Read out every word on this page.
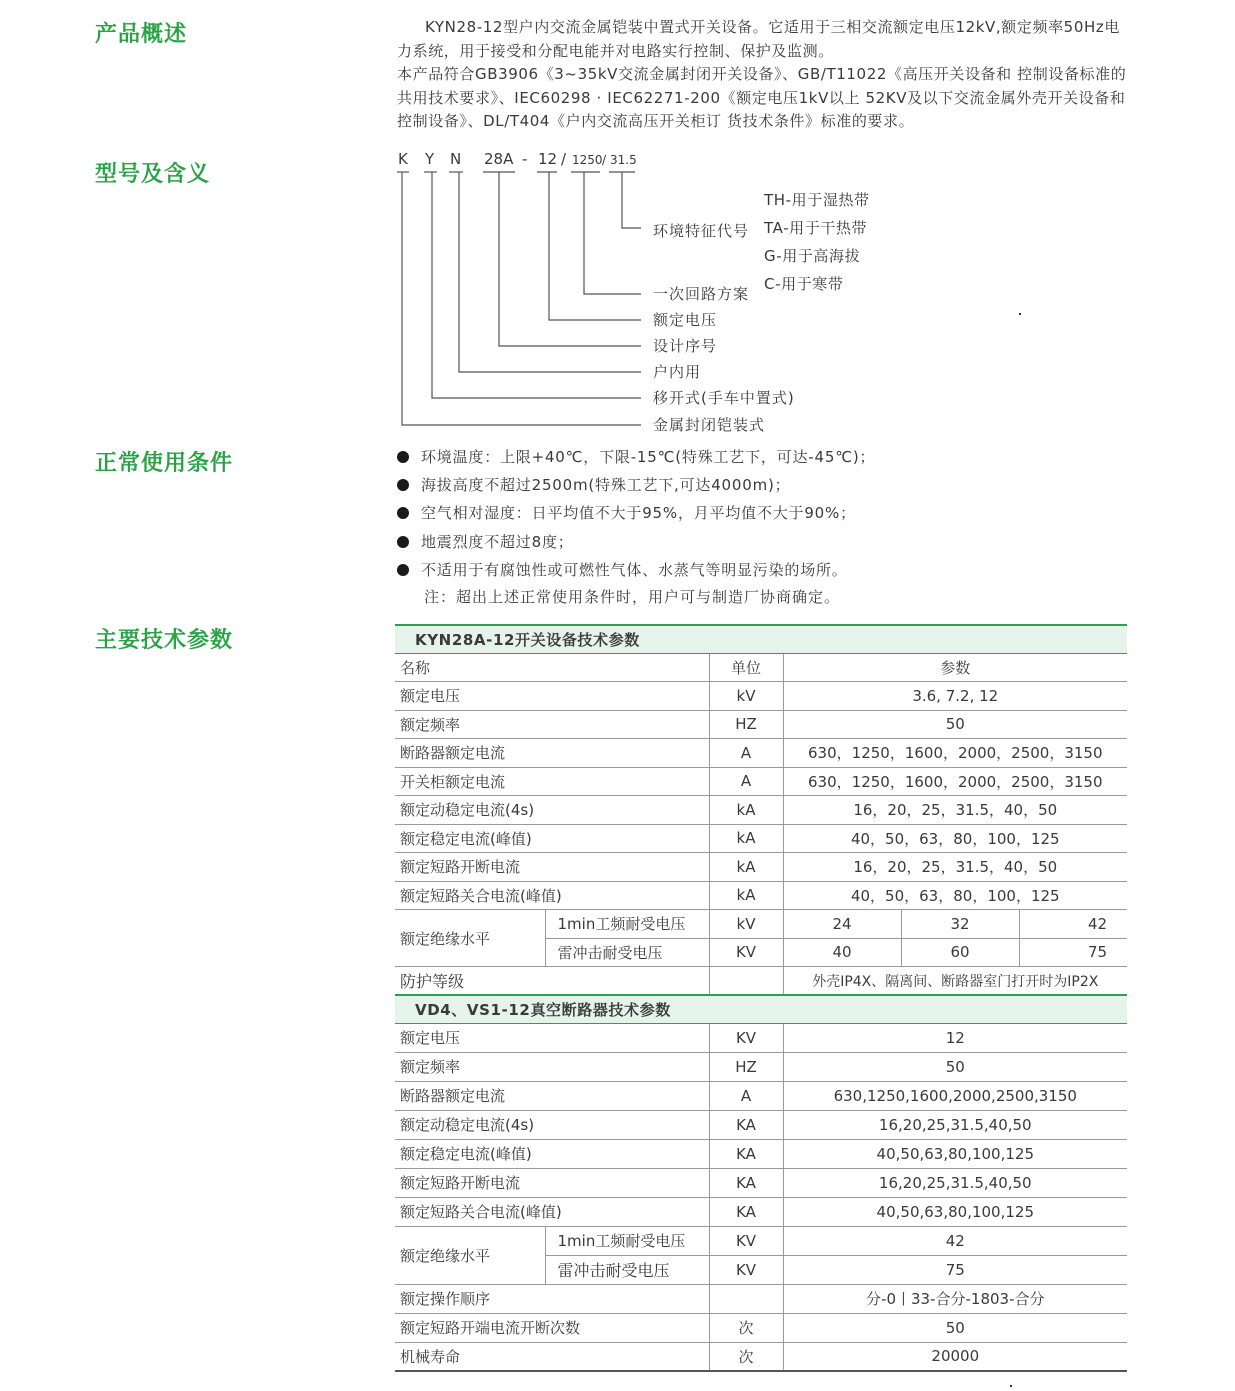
产品概述
型号及含义
正常使用条件
主要技术参数

KYN28-12型户内交流金属铠装中置式开关设备。它适用于三相交流额定电压12kV,额定频率50Hz电力系统，用于接受和分配电能并对电路实行控制、保护及监测。

本产品符合GB3906《3~35kV交流金属封闭开关设备》、GB/T11022《高压开关设备和 控制设备标准的共用技术要求》、IEC60298 · IEC62271-200《额定电压1kV以上 52KV及以下交流金属外壳开关设备和控制设备》、DL/T404《户内交流高压开关柜订 货技术条件》标准的要求。

K Y N 28A - 12 / 1250 / 31.5
环境特征代号
一次回路方案
额定电压
设计序号
户内用
移开式(手车中置式)
金属封闭铠装式
TH-用于湿热带
TA-用于干热带
G-用于高海拔
C-用于寒带
环境温度：上限+40℃，下限-15℃(特殊工艺下，可达-45℃)；
海拔高度不超过2500m(特殊工艺下,可达4000m)；
空气相对湿度：日平均值不大于95%，月平均值不大于90%；
地震烈度不超过8度；
不适用于有腐蚀性或可燃性气体、水蒸气等明显污染的场所。

注：超出上述正常使用条件时，用户可与制造厂协商确定。

KYN28A-12开关设备技术参数					
名称		单位	参数		
额定电压		kV	3.6, 7.2, 12		
额定频率		HZ	50		
断路器额定电流		A	630，1250，1600，2000，2500，3150		
开关柜额定电流		A	630，1250，1600，2000，2500，3150		
额定动稳定电流(4s)		kA	16，20，25，31.5，40，50		
额定稳定电流(峰值)		kA	40，50，63，80，100，125		
额定短路开断电流		kA	16，20，25，31.5，40，50		
额定短路关合电流(峰值)		kA	40，50，63，80，100，125		
额定绝缘水平	1min工频耐受电压	kV	24	32	42
	雷冲击耐受电压	KV	40	60	75
防护等级			外壳IP4X、隔离间、断路器室门打开时为IP2X		
VD4、VS1-12真空断路器技术参数			
额定电压		KV	12
额定频率		HZ	50
断路器额定电流		A	630,1250,1600,2000,2500,3150
额定动稳定电流(4s)		KA	16,20,25,31.5,40,50
额定稳定电流(峰值)		KA	40,50,63,80,100,125
额定短路开断电流		KA	16,20,25,31.5,40,50
额定短路关合电流(峰值)		KA	40,50,63,80,100,125
额定绝缘水平	1min工频耐受电压	KV	42
	雷冲击耐受电压	KV	75
额定操作顺序			分-0丨33-合分-1803-合分
额定短路开端电流开断次数		次	50
机械寿命		次	20000
